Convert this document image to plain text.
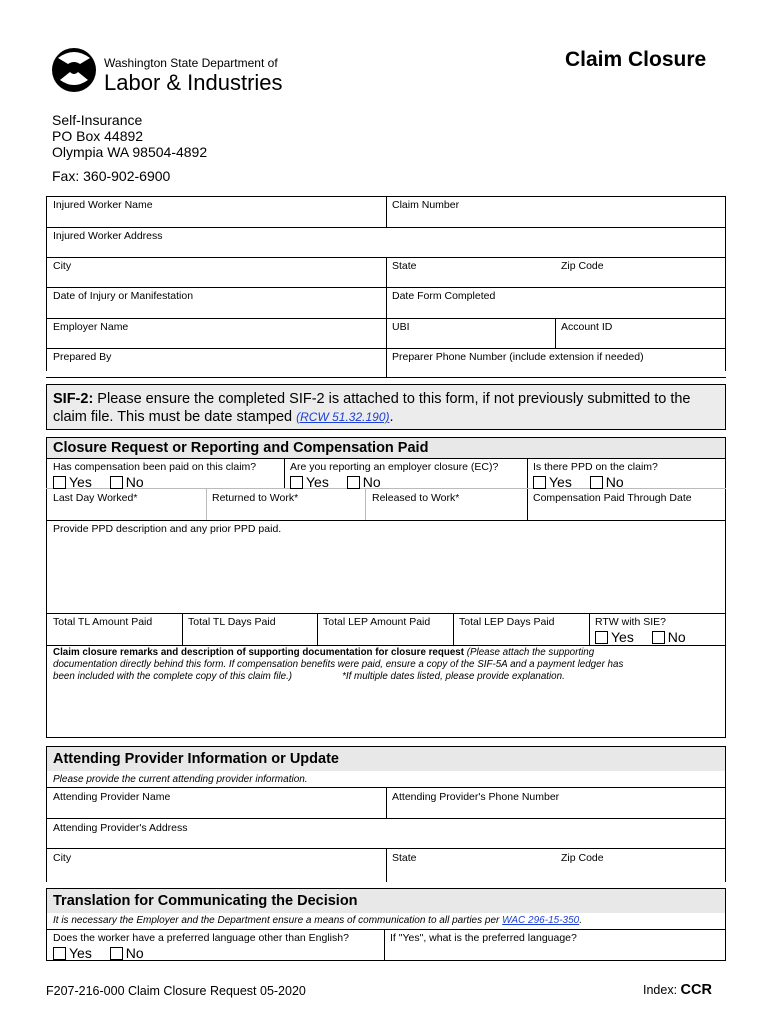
Washington State Department of
Labor & Industries
Claim Closure
Self-Insurance
PO Box 44892
Olympia WA 98504-4892
Fax: 360-902-6900
Injured Worker Name	Claim Number
Injured Worker Address
City	State	Zip Code
Date of Injury or Manifestation	Date Form Completed
Employer Name	UBI	Account ID
Prepared By	Preparer Phone Number (include extension if needed)
SIF-2: Please ensure the completed SIF-2 is attached to this form, if not previously submitted to the
claim file. This must be date stamped (RCW 51.32.190).
Closure Request or Reporting and Compensation Paid
Has compensation been paid on this claim?
Yes No
Are you reporting an employer closure (EC)?
Yes No
Is there PPD on the claim?
Yes No
Last Day Worked*	Returned to Work*	Released to Work*	Compensation Paid Through Date
Provide PPD description and any prior PPD paid.
Total TL Amount Paid	Total TL Days Paid	Total LEP Amount Paid	Total LEP Days Paid	RTW with SIE?
Yes No
Claim closure remarks and description of supporting documentation for closure request (Please attach the supporting
documentation directly behind this form. If compensation benefits were paid, ensure a copy of the SIF-5A and a payment ledger has
been included with the complete copy of this claim file.)	*If multiple dates listed, please provide explanation.
Attending Provider Information or Update
Please provide the current attending provider information.
Attending Provider Name	Attending Provider's Phone Number
Attending Provider's Address
City	State	Zip Code
Translation for Communicating the Decision
It is necessary the Employer and the Department ensure a means of communication to all parties per WAC 296-15-350.
Does the worker have a preferred language other than English?
Yes No
If "Yes", what is the preferred language?
F207-216-000 Claim Closure Request 05-2020	Index: CCR
